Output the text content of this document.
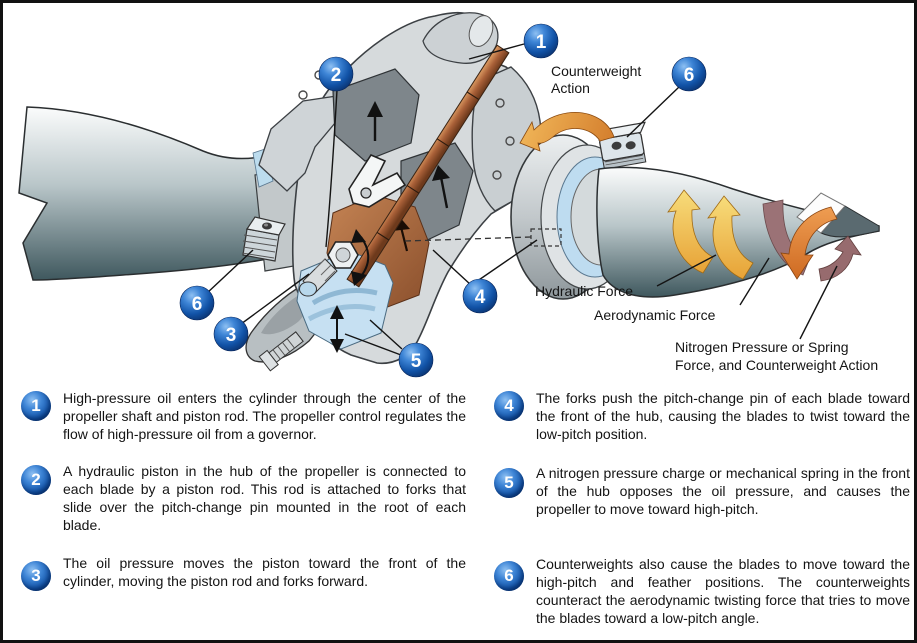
Counterweight
Action
Hydraulic Force
Aerodynamic Force
Nitrogen Pressure or Spring
Force, and Counterweight Action
1
2	6
6
3
5
4
1
2
3
4
5
6
High-pressure oil enters the cylinder through the center of the propeller shaft and piston rod. The propeller control regulates the flow of high-pressure oil from a governor.
A hydraulic piston in the hub of the propeller is connected to each blade by a piston rod. This rod is attached to forks that slide over the pitch-change pin mounted in the root of each blade.
The oil pressure moves the piston toward the front of the cylinder, moving the piston rod and forks forward.
The forks push the pitch-change pin of each blade toward the front of the hub, causing the blades to twist toward the low-pitch position.
A nitrogen pressure charge or mechanical spring in the front of the hub opposes the oil pressure, and causes the propeller to move toward high-pitch.
Counterweights also cause the blades to move toward the high-pitch and feather positions. The counterweights counteract the aerodynamic twisting force that tries to move the blades toward a low-pitch angle.
